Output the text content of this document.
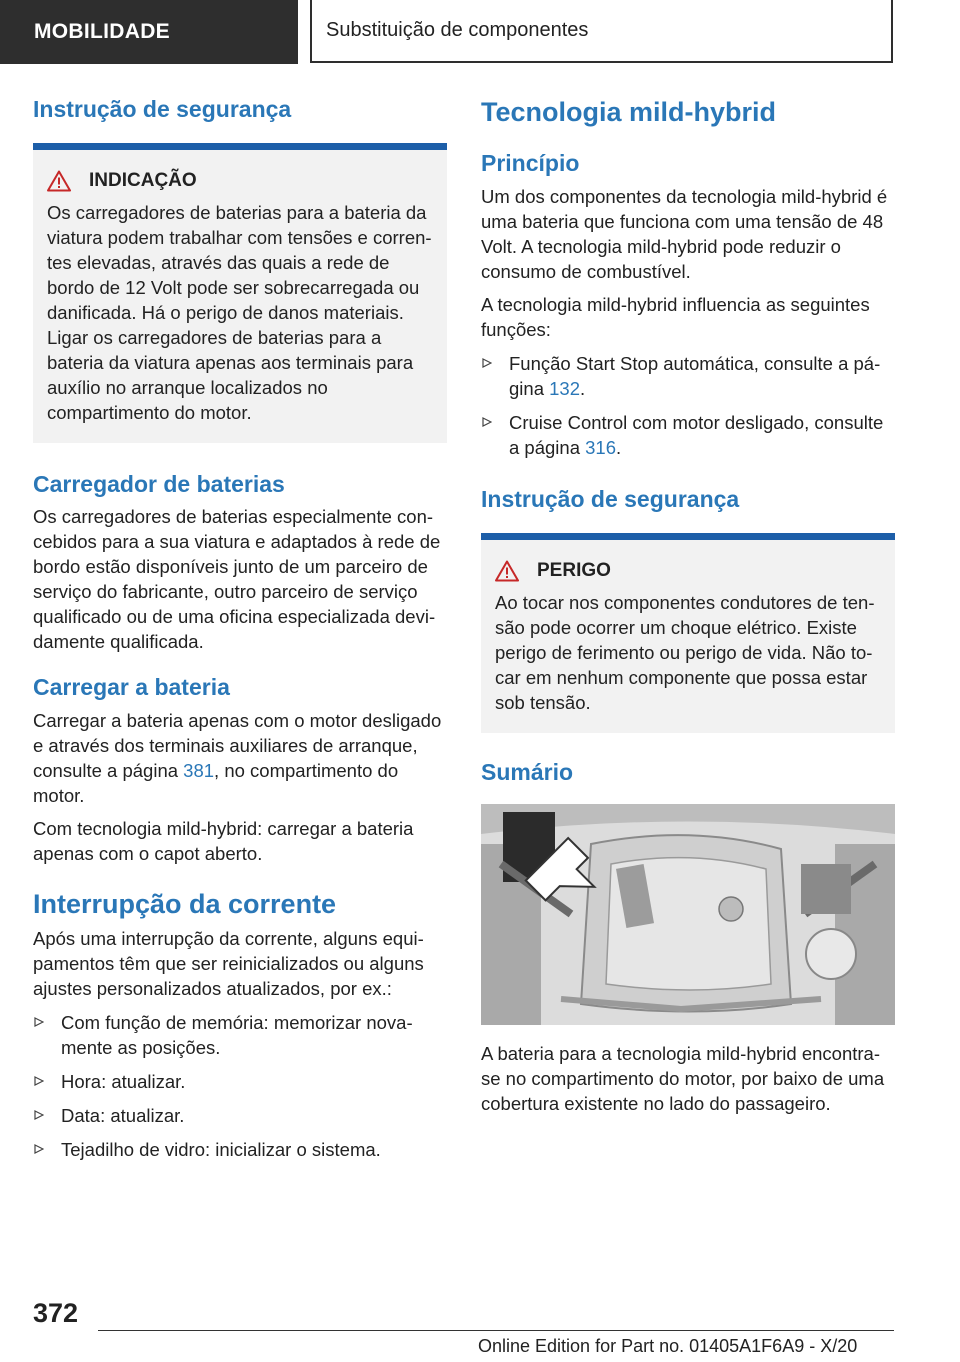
MOBILIDADE	Substituição de componentes
Instrução de segurança
INDICAÇÃO

Os carregadores de baterias para a bateria da viatura podem trabalhar com tensões e correntes elevadas, através das quais a rede de bordo de 12 Volt pode ser sobrecarregada ou danificada. Há o perigo de danos materiais. Ligar os carregadores de baterias para a bateria da viatura apenas aos terminais para auxílio no arranque localizados no compartimento do motor.

Carregador de baterias

Os carregadores de baterias especialmente concebidos para a sua viatura e adaptados à rede de bordo estão disponíveis junto de um parceiro de serviço do fabricante, outro parceiro de serviço qualificado ou de uma oficina especializada devidamente qualificada.

Carregar a bateria

Carregar a bateria apenas com o motor desligado e através dos terminais auxiliares de arranque, consulte a página 381, no compartimento do motor.

Com tecnologia mild-hybrid: carregar a bateria apenas com o capot aberto.

Interrupção da corrente

Após uma interrupção da corrente, alguns equipamentos têm que ser reinicializados ou alguns ajustes personalizados atualizados, por ex.:

Com função de memória: memorizar novamente as posições.
Hora: atualizar.
Data: atualizar.
Tejadilho de vidro: inicializar o sistema.
Tecnologia mild-hybrid
Princípio

Um dos componentes da tecnologia mild-hybrid é uma bateria que funciona com uma tensão de 48 Volt. A tecnologia mild-hybrid pode reduzir o consumo de combustível.

A tecnologia mild-hybrid influencia as seguintes funções:

Função Start Stop automática, consulte a página 132.
Cruise Control com motor desligado, consulte a página 316.
Instrução de segurança
PERIGO

Ao tocar nos componentes condutores de tensão pode ocorrer um choque elétrico. Existe perigo de ferimento ou perigo de vida. Não tocar em nenhum componente que possa estar sob tensão.

Sumário

A bateria para a tecnologia mild-hybrid encontra-se no compartimento do motor, por baixo de uma cobertura existente no lado do passageiro.

372
Online Edition for Part no. 01405A1F6A9 - X/20
